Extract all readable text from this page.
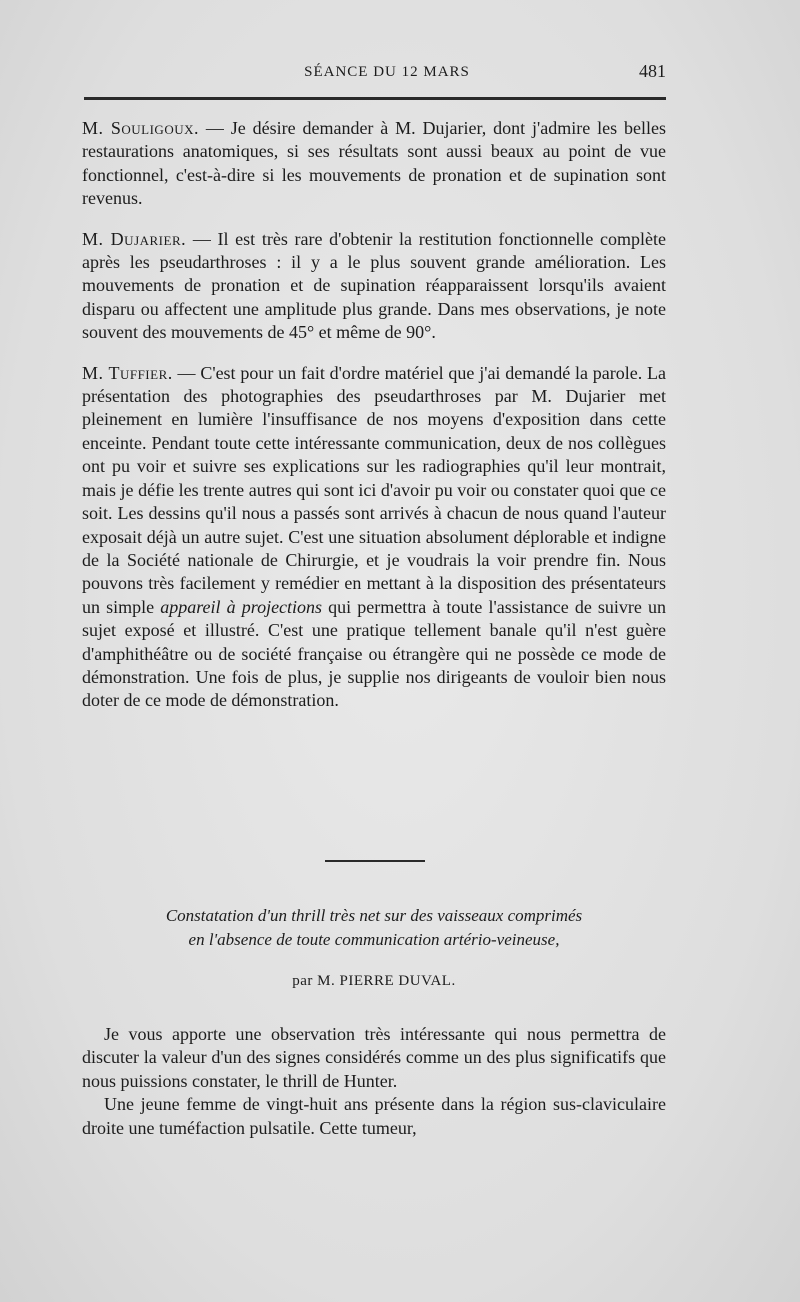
SÉANCE DU 12 MARS	481

M. Souligoux. — Je désire demander à M. Dujarier, dont j'admire les belles restaurations anatomiques, si ses résultats sont aussi beaux au point de vue fonctionnel, c'est-à-dire si les mouvements de pronation et de supination sont revenus.

M. Dujarier. — Il est très rare d'obtenir la restitution fonctionnelle complète après les pseudarthroses : il y a le plus souvent grande amélioration. Les mouvements de pronation et de supination réapparaissent lorsqu'ils avaient disparu ou affectent une amplitude plus grande. Dans mes observations, je note souvent des mouvements de 45° et même de 90°.

M. Tuffier. — C'est pour un fait d'ordre matériel que j'ai demandé la parole. La présentation des photographies des pseudarthroses par M. Dujarier met pleinement en lumière l'insuffisance de nos moyens d'exposition dans cette enceinte. Pendant toute cette intéressante communication, deux de nos collègues ont pu voir et suivre ses explications sur les radiographies qu'il leur montrait, mais je défie les trente autres qui sont ici d'avoir pu voir ou constater quoi que ce soit. Les dessins qu'il nous a passés sont arrivés à chacun de nous quand l'auteur exposait déjà un autre sujet. C'est une situation absolument déplorable et indigne de la Société nationale de Chirurgie, et je voudrais la voir prendre fin. Nous pouvons très facilement y remédier en mettant à la disposition des présentateurs un simple appareil à projections qui permettra à toute l'assistance de suivre un sujet exposé et illustré. C'est une pratique tellement banale qu'il n'est guère d'amphithéâtre ou de société française ou étrangère qui ne possède ce mode de démonstration. Une fois de plus, je supplie nos dirigeants de vouloir bien nous doter de ce mode de démonstration.

Constatation d'un thrill très net sur des vaisseaux comprimés
en l'absence de toute communication artério-veineuse,
par M. PIERRE DUVAL.

Je vous apporte une observation très intéressante qui nous permettra de discuter la valeur d'un des signes considérés comme un des plus significatifs que nous puissions constater, le thrill de Hunter.

Une jeune femme de vingt-huit ans présente dans la région sus-claviculaire droite une tuméfaction pulsatile. Cette tumeur,
